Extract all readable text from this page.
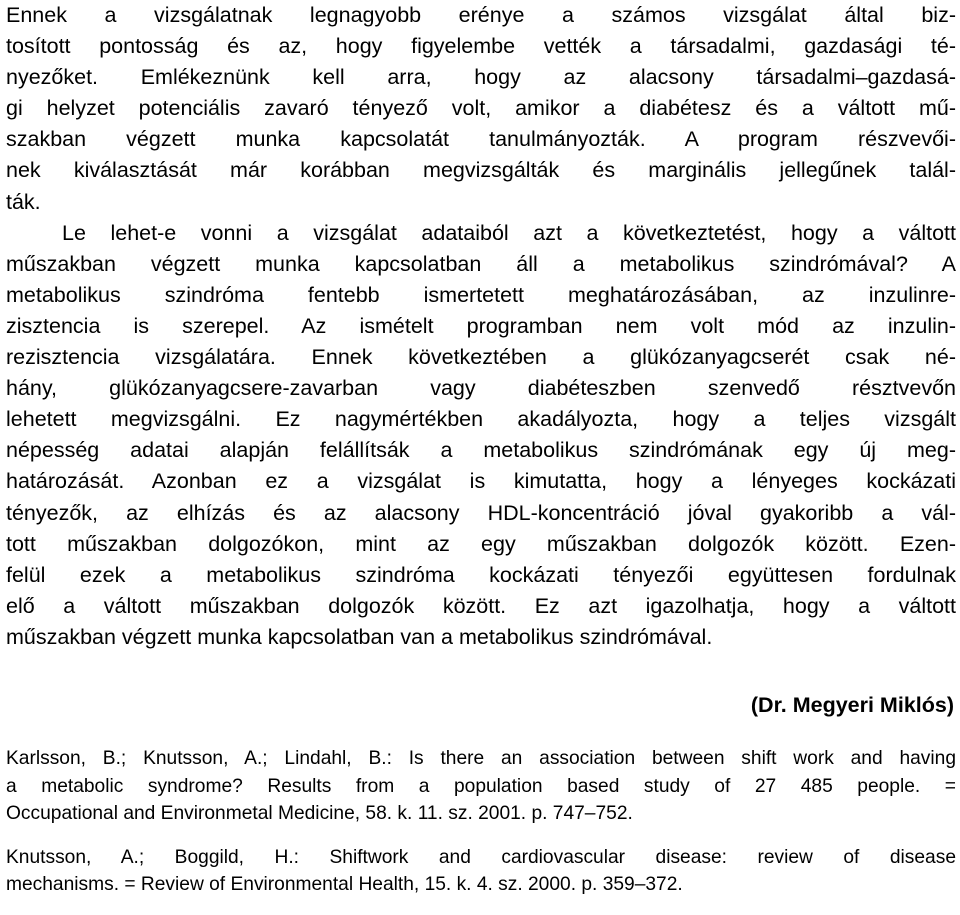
Ennek a vizsgálatnak legnagyobb erénye a számos vizsgálat által biz-
tosított pontosság és az, hogy figyelembe vették a társadalmi, gazdasági té-
nyezőket. Emlékeznünk kell arra, hogy az alacsony társadalmi–gazdasá-
gi helyzet potenciális zavaró tényező volt, amikor a diabétesz és a váltott mű-
szakban végzett munka kapcsolatát tanulmányozták. A program részvevői-
nek kiválasztását már korábban megvizsgálták és marginális jellegűnek talál-
ták.
Le lehet-e vonni a vizsgálat adataiból azt a következtetést, hogy a váltott
műszakban végzett munka kapcsolatban áll a metabolikus szindrómával? A
metabolikus szindróma fentebb ismertetett meghatározásában, az inzulinre-
zisztencia is szerepel. Az ismételt programban nem volt mód az inzulin-
rezisztencia vizsgálatára. Ennek következtében a glükózanyagcserét csak né-
hány, glükózanyagcsere-zavarban vagy diabéteszben szenvedő résztvevőn
lehetett megvizsgálni. Ez nagymértékben akadályozta, hogy a teljes vizsgált
népesség adatai alapján felállítsák a metabolikus szindrómának egy új meg-
határozását. Azonban ez a vizsgálat is kimutatta, hogy a lényeges kockázati
tényezők, az elhízás és az alacsony HDL-koncentráció jóval gyakoribb a vál-
tott műszakban dolgozókon, mint az egy műszakban dolgozók között. Ezen-
felül ezek a metabolikus szindróma kockázati tényezői együttesen fordulnak
elő a váltott műszakban dolgozók között. Ez azt igazolhatja, hogy a váltott
műszakban végzett munka kapcsolatban van a metabolikus szindrómával.
(Dr. Megyeri Miklós)
Karlsson, B.; Knutsson, A.; Lindahl, B.: Is there an association between shift work and having
a metabolic syndrome? Results from a population based study of 27 485 people. =
Occupational and Environmetal Medicine, 58. k. 11. sz. 2001. p. 747–752.
Knutsson, A.; Boggild, H.: Shiftwork and cardiovascular disease: review of disease
mechanisms. = Review of Environmental Health, 15. k. 4. sz. 2000. p. 359–372.
